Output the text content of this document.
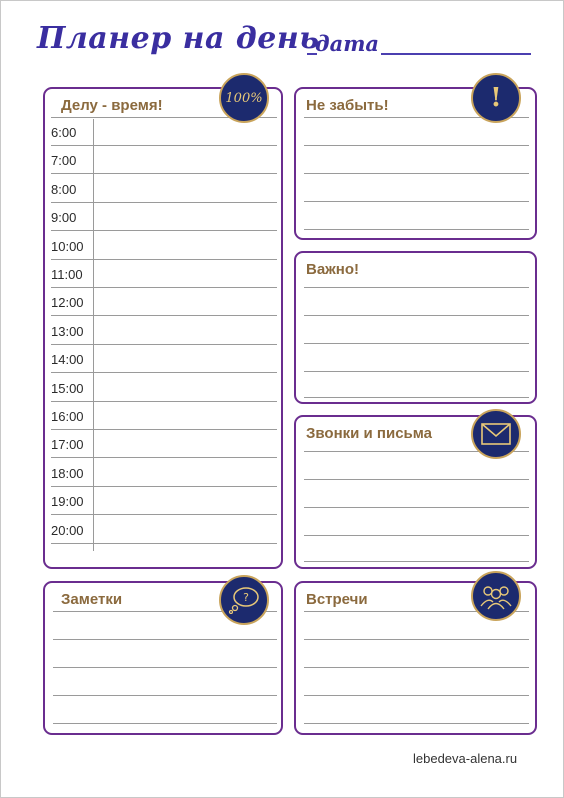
Планер на день
дата
Делу - время!
6:00
7:00
8:00
9:00
10:00
11:00
12:00
13:00
14:00
15:00
16:00
17:00
18:00
19:00
20:00
100%	Не забыть!	!
Важно!
Звонки и письма
Заметки	?	Встречи
lebedeva-alena.ru
